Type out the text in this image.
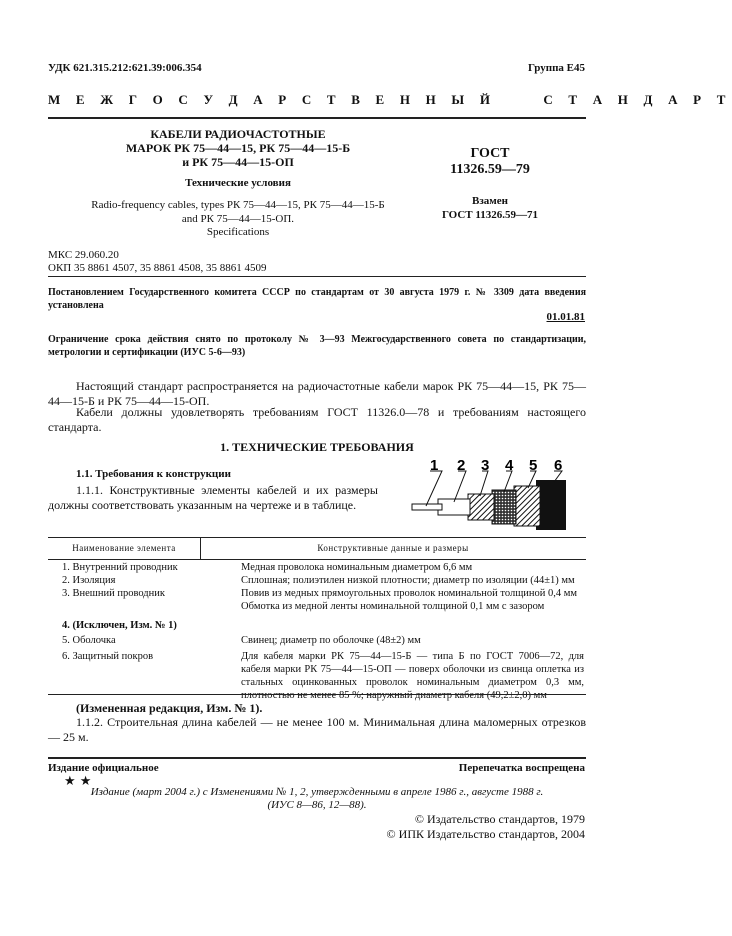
УДК 621.315.212:621.39:006.354	Группа Е45
М Е Ж Г О С У Д А Р С Т В Е Н Н Ы Й     С Т А Н Д А Р Т
КАБЕЛИ РАДИОЧАСТОТНЫЕ
МАРОК РК 75—44—15, РК 75—44—15-Б
и РК 75—44—15-ОП
Технические условия
Radio-frequency cables, types РК 75—44—15, РК 75—44—15-Б
and РК 75—44—15-ОП.
Specifications
ГОСТ
11326.59—79
Взамен
ГОСТ 11326.59—71
МКС 29.060.20
ОКП 35 8861 4507, 35 8861 4508, 35 8861 4509
Постановлением Государственного комитета СССР по стандартам от 30 августа 1979 г. № 3309 дата введения установлена
01.01.81
Ограничение срока действия снято по протоколу № 3—93 Межгосударственного совета по стандартизации, метрологии и сертификации (ИУС 5-6—93)
Настоящий стандарт распространяется на радиочастотные кабели марок РК 75—44—15, РК 75—44—15-Б и РК 75—44—15-ОП.
Кабели должны удовлетворять требованиям ГОСТ 11326.0—78 и требованиям настоящего стандарта.
1. ТЕХНИЧЕСКИЕ ТРЕБОВАНИЯ
1.1. Требования к конструкции
1.1.1. Конструктивные элементы кабелей и их размеры должны соответствовать указанным на чертеже и в таблице.
1 2 3 4 5 6
Наименование элемента	Конструктивные данные и размеры
1. Внутренний проводник	Медная проволока номинальным диаметром 6,6 мм
2. Изоляция	Сплошная; полиэтилен низкой плотности; диаметр по изоляции (44±1) мм
3. Внешний проводник	Повив из медных прямоугольных проволок номинальной толщиной 0,4 мм
	Обмотка из медной ленты номинальной толщиной 0,1 мм с зазором
4. (Исключен, Изм. № 1)	
5. Оболочка	Свинец; диаметр по оболочке (48±2) мм
6. Защитный покров	Для кабеля марки РК 75—44—15-Б — типа Б по ГОСТ 7006—72, для кабеля марки РК 75—44—15-ОП — поверх оболочки из свинца оплетка из стальных оцинкованных проволок номинальным диаметром 0,3 мм, плотностью не менее 85 %; наружный диаметр кабеля (49,2±2,0) мм
(Измененная редакция, Изм. № 1).
1.1.2. Строительная длина кабелей — не менее 100 м. Минимальная длина маломерных отрезков — 25 м.
Издание официальное	Перепечатка воспрещена
★ ★
Издание (март 2004 г.) с Изменениями № 1, 2, утвержденными в апреле 1986 г., августе 1988 г.
(ИУС 8—86, 12—88).
© Издательство стандартов, 1979
© ИПК Издательство стандартов, 2004
